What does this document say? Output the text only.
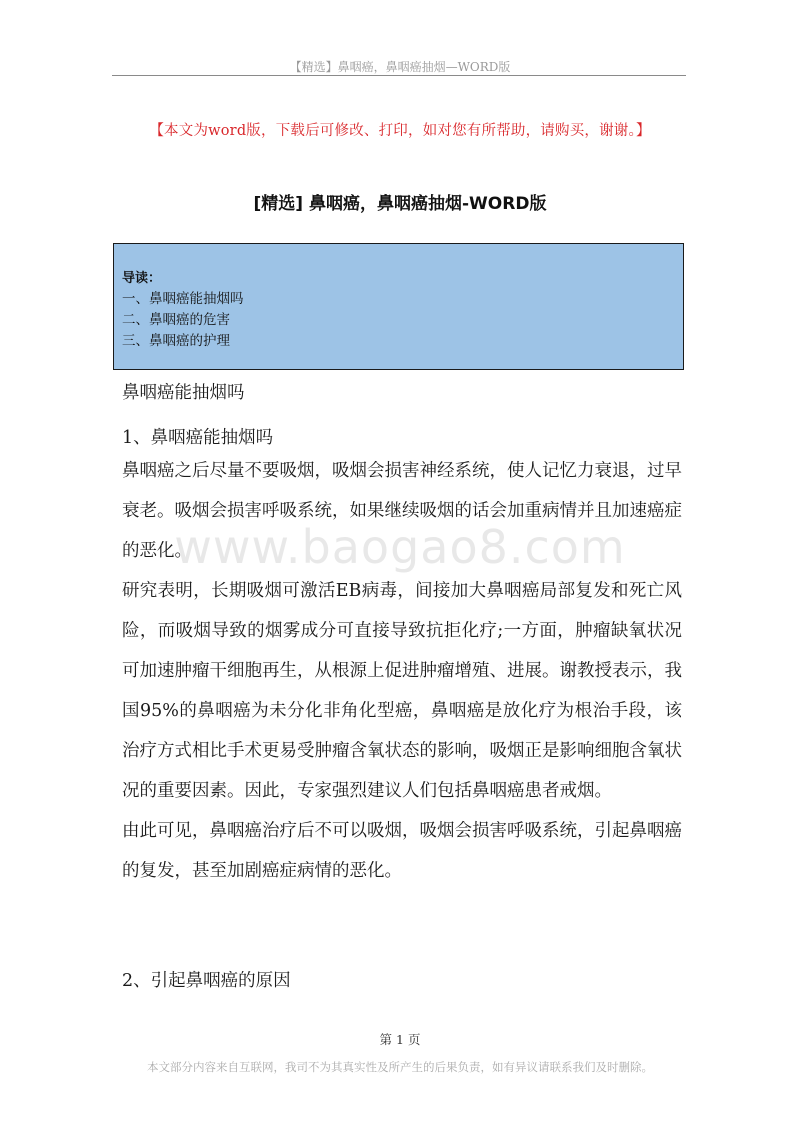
【精选】鼻咽癌，鼻咽癌抽烟—WORD版
【本文为word版，下载后可修改、打印，如对您有所帮助，请购买，谢谢。】
[精选] 鼻咽癌，鼻咽癌抽烟-WORD版
导读：
一、鼻咽癌能抽烟吗
二、鼻咽癌的危害
三、鼻咽癌的护理
鼻咽癌能抽烟吗
1、鼻咽癌能抽烟吗

鼻咽癌之后尽量不要吸烟，吸烟会损害神经系统，使人记忆力衰退，过早衰老。吸烟会损害呼吸系统，如果继续吸烟的话会加重病情并且加速癌症的恶化。

研究表明，长期吸烟可激活EB病毒，间接加大鼻咽癌局部复发和死亡风险，而吸烟导致的烟雾成分可直接导致抗拒化疗;一方面，肿瘤缺氧状况可加速肿瘤干细胞再生，从根源上促进肿瘤增殖、进展。谢教授表示，我国95%的鼻咽癌为未分化非角化型癌，鼻咽癌是放化疗为根治手段，该治疗方式相比手术更易受肿瘤含氧状态的影响，吸烟正是影响细胞含氧状况的重要因素。因此，专家强烈建议人们包括鼻咽癌患者戒烟。

由此可见，鼻咽癌治疗后不可以吸烟，吸烟会损害呼吸系统，引起鼻咽癌的复发，甚至加剧癌症病情的恶化。

2、引起鼻咽癌的原因
www.baogao8.com
第 1 页
本文部分内容来自互联网，我司不为其真实性及所产生的后果负责，如有异议请联系我们及时删除。
